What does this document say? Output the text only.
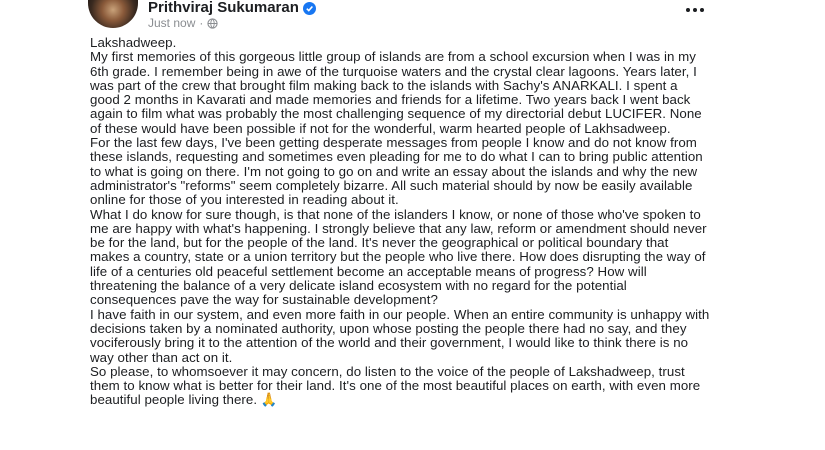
Prithviraj Sukumaran
Just now ·

Lakshadweep.

My first memories of this gorgeous little group of islands are from a school excursion when I was in my 6th grade. I remember being in awe of the turquoise waters and the crystal clear lagoons. Years later, I was part of the crew that brought film making back to the islands with Sachy's ANARKALI. I spent a good 2 months in Kavarati and made memories and friends for a lifetime. Two years back I went back again to film what was probably the most challenging sequence of my directorial debut LUCIFER. None of these would have been possible if not for the wonderful, warm hearted people of Lakhsadweep.

For the last few days, I've been getting desperate messages from people I know and do not know from these islands, requesting and sometimes even pleading for me to do what I can to bring public attention to what is going on there. I'm not going to go on and write an essay about the islands and why the new administrator's "reforms" seem completely bizarre. All such material should by now be easily available online for those of you interested in reading about it.

What I do know for sure though, is that none of the islanders I know, or none of those who've spoken to me are happy with what's happening. I strongly believe that any law, reform or amendment should never be for the land, but for the people of the land. It's never the geographical or political boundary that makes a country, state or a union territory but the people who live there. How does disrupting the way of life of a centuries old peaceful settlement become an acceptable means of progress? How will threatening the balance of a very delicate island ecosystem with no regard for the potential consequences pave the way for sustainable development?

I have faith in our system, and even more faith in our people. When an entire community is unhappy with decisions taken by a nominated authority, upon whose posting the people there had no say, and they vociferously bring it to the attention of the world and their government, I would like to think there is no way other than act on it.

So please, to whomsoever it may concern, do listen to the voice of the people of Lakshadweep, trust them to know what is better for their land. It's one of the most beautiful places on earth, with even more beautiful people living there. 🙏
